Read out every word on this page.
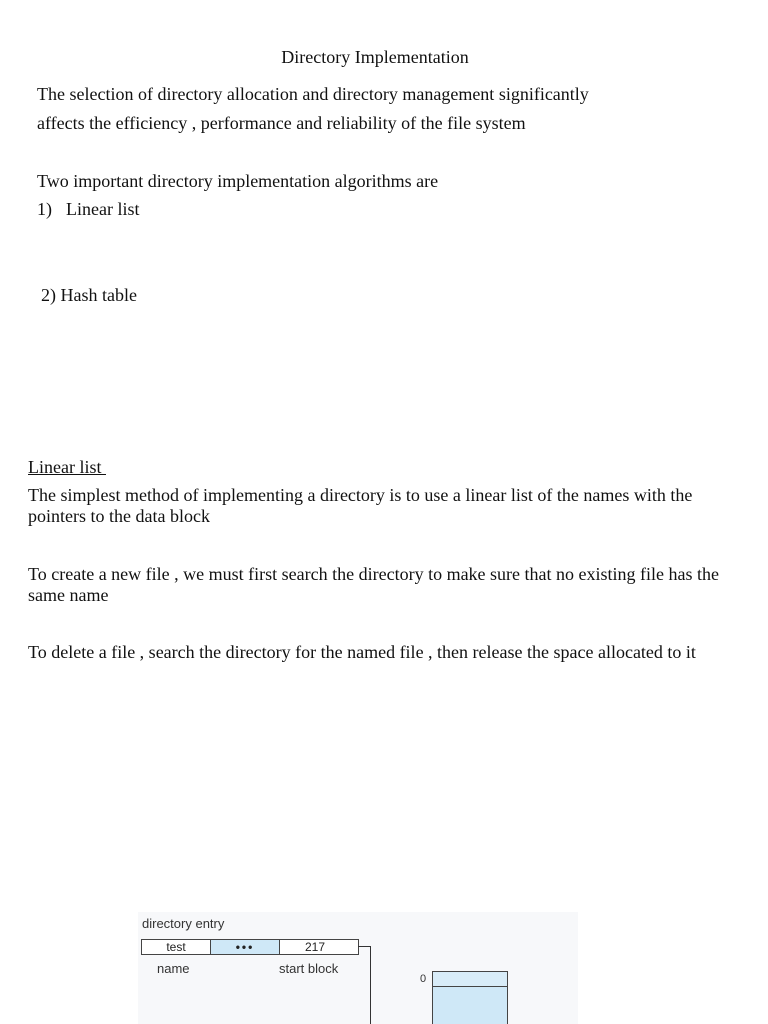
Directory Implementation
The selection of directory allocation and directory management significantly
affects the efficiency , performance and reliability of the file system
Two important directory implementation algorithms are
1) Linear list
2) Hash table
Linear list
The simplest method of implementing a directory is to use a linear list of the names with the pointers to the data block
To create a new file , we must first search the directory to make sure that no existing file has the same name
To delete a file , search the directory for the named file , then release the space allocated to it
directory entry
test	•••	217
name	start block
0
